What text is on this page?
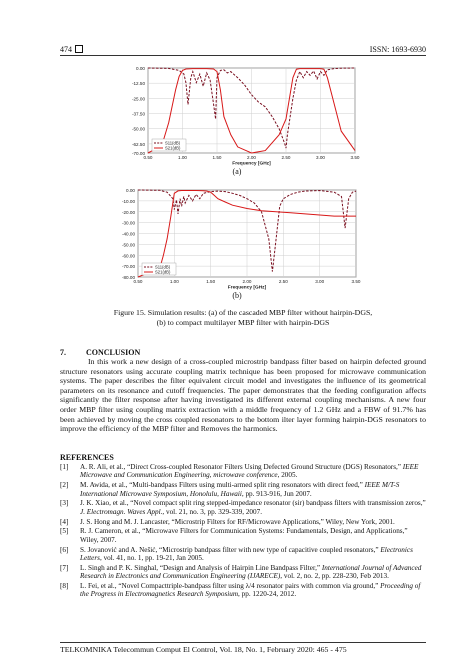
474	ISSN: 1693-6930
0.00
-12.50
-25.00
-37.50
-50.00
-62.50
-70.00
0.50	1.00	1.50	2.00	2.50	3.00	3.50
Frequency [GHz]
S11(dB)
S21(dB)
(a)
0.00
-10.00
-20.00
-30.00
-40.00
-50.00
-60.00
-70.00
-80.00
0.50	1.00	1.50	2.00	2.50	3.00	3.50
Frequency [GHz]
S11(dB)
S21(dB)
(b)
Figure 15. Simulation results: (a) of the cascaded MBP filter without hairpin-DGS,
(b) to compact multilayer MBP filter with hairpin-DGS
7.	CONCLUSION
In this work a new design of a cross-coupled microstrip bandpass filter based on hairpin defected ground structure resonators using accurate coupling matrix technique has been proposed for microwave communication systems. The paper describes the filter equivalent circuit model and investigates the influence of its geometrical parameters on its resonance and cutoff frequencies. The paper demonstrates that the feeding configuration affects significantly the filter response after having investigated its different external coupling mechanisms. A new four order MBP filter using coupling matrix extraction with a middle frequency of 1.2 GHz and a FBW of 91.7% has been achieved by moving the cross coupled resonators to the bottom ilter layer forming hairpin-DGS resonators to improve the efficiency of the MBP filter and Removes the harmonics.
REFERENCES
[1]	A. R. Ali, et al., “Direct Cross-coupled Resonator Filters Using Defected Ground Structure (DGS) Resonators,” IEEE Microwave and Communication Engineering, microwave conference, 2005.
[2]	M. Awida, et al., “Multi-bandpass Filters using multi-armed split ring resonators with direct feed,” IEEE M/T-S International Microwave Symposium, Honolulu, Hawaii, pp. 913-916, Jun 2007.
[3]	J. K. Xiao, et al., “Novel compact split ring stepped-impedance resonator (sir) bandpass filters with transmission zeros,” J. Electromagn. Waves Appl., vol. 21, no. 3, pp. 329-339, 2007.
[4]	J. S. Hong and M. J. Lancaster, “Microstrip Filters for RF/Microwave Applications,” Wiley, New York, 2001.
[5]	R. J. Cameron, et al., “Microwave Filters for Communication Systems: Fundamentals, Design, and Applications,” Wiley, 2007.
[6]	S. Jovanović and A. Nešić, “Microstrip bandpass filter with new type of capacitive coupled resonators,” Electronics Letters, vol. 41, no. 1, pp. 19-21, Jan 2005.
[7]	L. Singh and P. K. Singhal, “Design and Analysis of Hairpin Line Bandpass Filter,” International Journal of Advanced Research in Electronics and Communication Engineering (IJARECE), vol. 2, no. 2, pp. 228-230, Feb 2013.
[8]	L. Fei, et al., “Novel Compacttriple-bandpass filter using λ/4 resonator pairs with common via ground,” Proceeding of the Progress in Electromagnetics Research Symposium, pp. 1220-24, 2012.
TELKOMNIKA Telecommun Comput El Control, Vol. 18, No. 1, February 2020: 465 - 475
